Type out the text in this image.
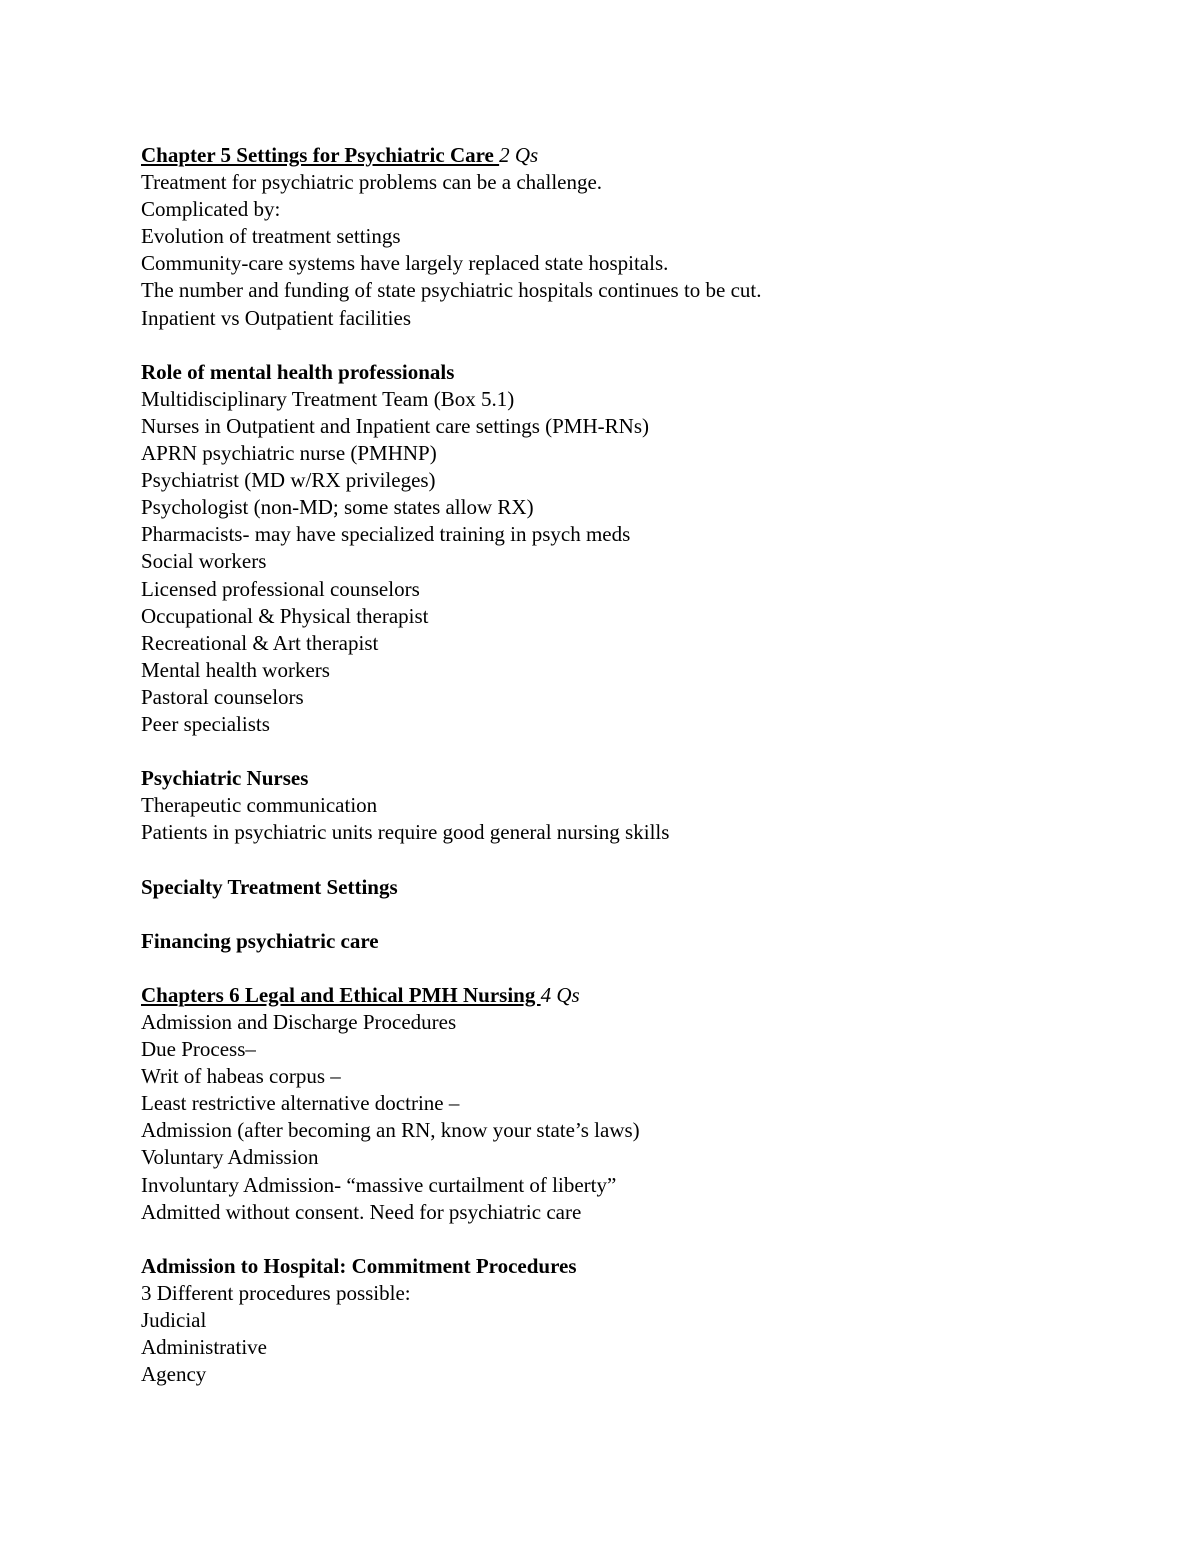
Chapter 5 Settings for Psychiatric Care 2 Qs
Treatment for psychiatric problems can be a challenge.
Complicated by:
Evolution of treatment settings
Community-care systems have largely replaced state hospitals.
The number and funding of state psychiatric hospitals continues to be cut.
Inpatient vs Outpatient facilities
Role of mental health professionals
Multidisciplinary Treatment Team (Box 5.1)
Nurses in Outpatient and Inpatient care settings (PMH-RNs)
APRN psychiatric nurse (PMHNP)
Psychiatrist (MD w/RX privileges)
Psychologist (non-MD; some states allow RX)
Pharmacists- may have specialized training in psych meds
Social workers
Licensed professional counselors
Occupational & Physical therapist
Recreational & Art therapist
Mental health workers
Pastoral counselors
Peer specialists
Psychiatric Nurses
Therapeutic communication
Patients in psychiatric units require good general nursing skills
Specialty Treatment Settings
Financing psychiatric care
Chapters 6 Legal and Ethical PMH Nursing 4 Qs
Admission and Discharge Procedures
Due Process–
Writ of habeas corpus –
Least restrictive alternative doctrine –
Admission (after becoming an RN, know your state’s laws)
Voluntary Admission
Involuntary Admission- “massive curtailment of liberty”
Admitted without consent. Need for psychiatric care
Admission to Hospital: Commitment Procedures
3 Different procedures possible:
Judicial
Administrative
Agency
